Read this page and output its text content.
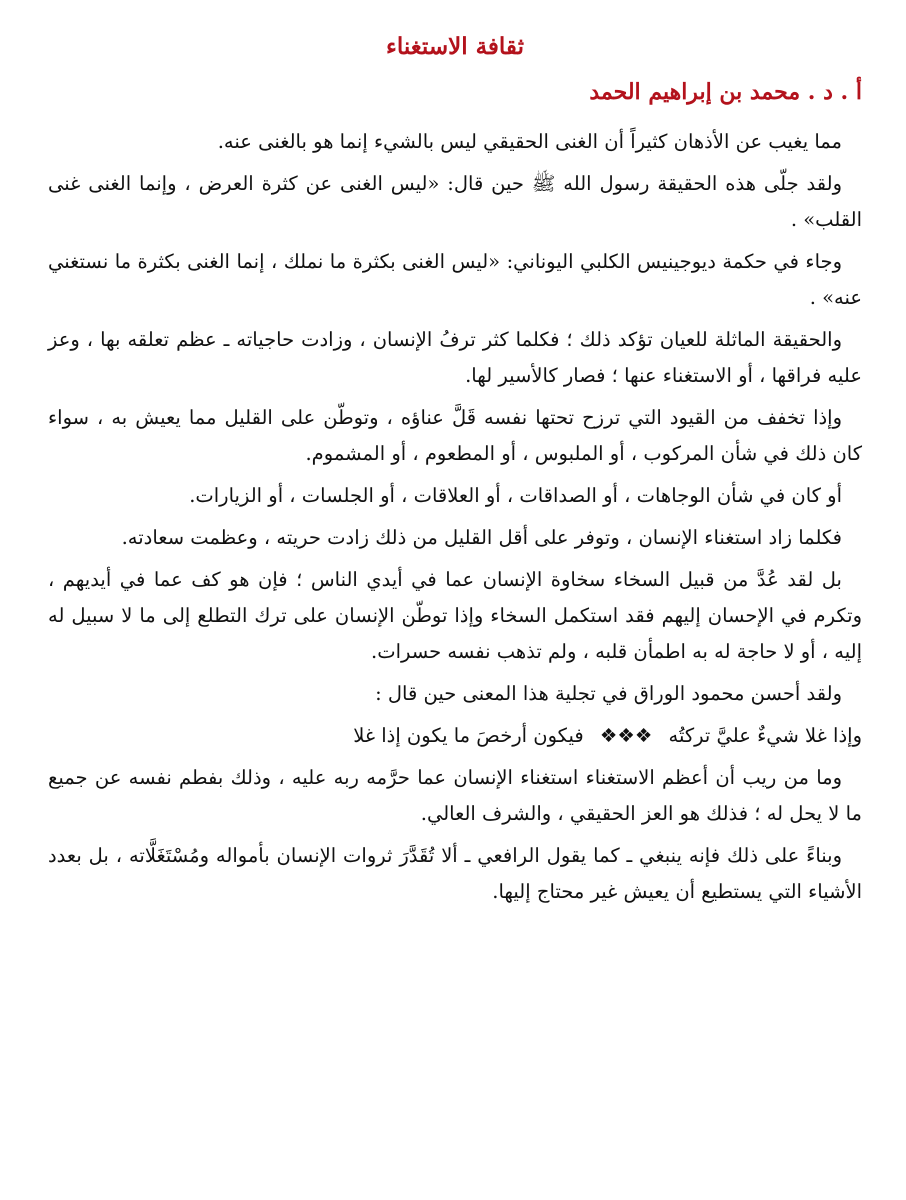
ثقافة الاستغناء
أ . د . محمد بن إبراهيم الحمد

مما يغيب عن الأذهان كثيراً أن الغنى الحقيقي ليس بالشيء إنما هو بالغنى عنه.

ولقد جلّى هذه الحقيقة رسول الله ﷺ حين قال: «ليس الغنى عن كثرة العرض ، وإنما الغنى غنى القلب» .

وجاء في حكمة ديوجينيس الكلبي اليوناني: «ليس الغنى بكثرة ما نملك ، إنما الغنى بكثرة ما نستغني عنه» .

والحقيقة الماثلة للعيان تؤكد ذلك ؛ فكلما كثر ترفُ الإنسان ، وزادت حاجياته ـ عظم تعلقه بها ، وعز عليه فراقها ، أو الاستغناء عنها ؛ فصار كالأسير لها.

وإذا تخفف من القيود التي ترزح تحتها نفسه قَلَّ عناؤه ، وتوطّن على القليل مما يعيش به ، سواء كان ذلك في شأن المركوب ، أو الملبوس ، أو المطعوم ، أو المشموم.

أو كان في شأن الوجاهات ، أو الصداقات ، أو العلاقات ، أو الجلسات ، أو الزيارات.

فكلما زاد استغناء الإنسان ، وتوفر على أقل القليل من ذلك زادت حريته ، وعظمت سعادته.

بل لقد عُدَّ من قبيل السخاء سخاوة الإنسان عما في أيدي الناس ؛ فإن هو كف عما في أيديهم ، وتكرم في الإحسان إليهم فقد استكمل السخاء وإذا توطّن الإنسان على ترك التطلع إلى ما لا سبيل له إليه ، أو لا حاجة له به اطمأن قلبه ، ولم تذهب نفسه حسرات.

ولقد أحسن محمود الوراق في تجلية هذا المعنى حين قال :

وإذا غلا شيءٌ عليَّ تركتُه ❖❖❖ فيكون أرخصَ ما يكون إذا غلا

وما من ريب أن أعظم الاستغناء استغناء الإنسان عما حرَّمه ربه عليه ، وذلك بفطم نفسه عن جميع ما لا يحل له ؛ فذلك هو العز الحقيقي ، والشرف العالي.

وبناءً على ذلك فإنه ينبغي ـ كما يقول الرافعي ـ ألا تُقَدَّرَ ثروات الإنسان بأمواله ومُسْتَغَلَّاته ، بل بعدد الأشياء التي يستطيع أن يعيش غير محتاج إليها.
